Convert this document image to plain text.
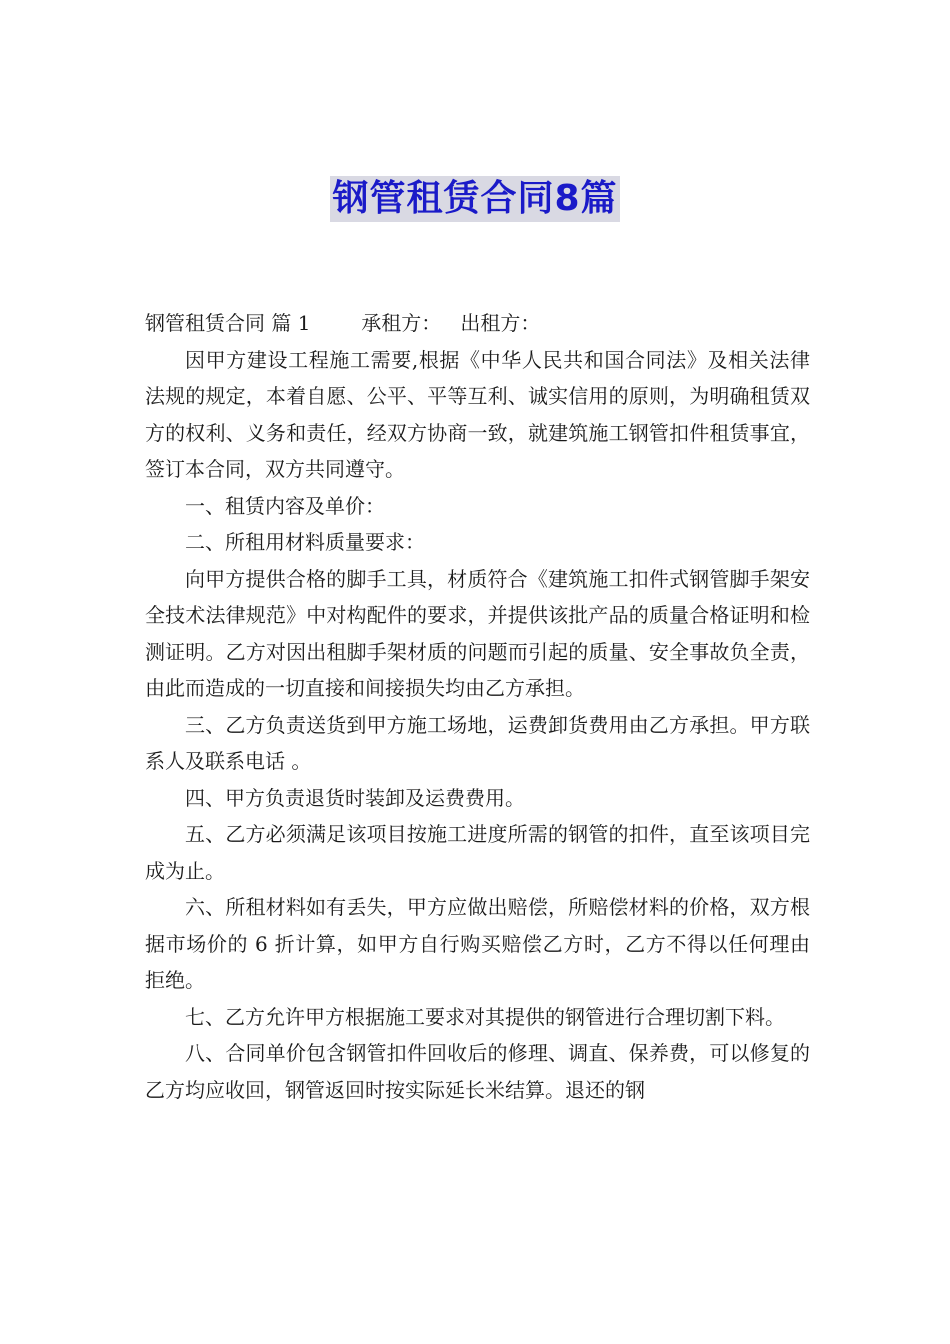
钢管租赁合同8篇
钢管租赁合同 篇 1        承租方：   出租方：

因甲方建设工程施工需要,根据《中华人民共和国合同法》及相关法律法规的规定，本着自愿、公平、平等互利、诚实信用的原则，为明确租赁双方的权利、义务和责任，经双方协商一致，就建筑施工钢管扣件租赁事宜，签订本合同，双方共同遵守。

一、租赁内容及单价：

二、所租用材料质量要求：

向甲方提供合格的脚手工具，材质符合《建筑施工扣件式钢管脚手架安全技术法律规范》中对构配件的要求，并提供该批产品的质量合格证明和检测证明。乙方对因出租脚手架材质的问题而引起的质量、安全事故负全责，由此而造成的一切直接和间接损失均由乙方承担。

三、乙方负责送货到甲方施工场地，运费卸货费用由乙方承担。甲方联系人及联系电话 。

四、甲方负责退货时装卸及运费费用。

五、乙方必须满足该项目按施工进度所需的钢管的扣件，直至该项目完成为止。

六、所租材料如有丢失，甲方应做出赔偿，所赔偿材料的价格，双方根据市场价的 6 折计算，如甲方自行购买赔偿乙方时，乙方不得以任何理由拒绝。

七、乙方允许甲方根据施工要求对其提供的钢管进行合理切割下料。

八、合同单价包含钢管扣件回收后的修理、调直、保养费，可以修复的乙方均应收回，钢管返回时按实际延长米结算。退还的钢
